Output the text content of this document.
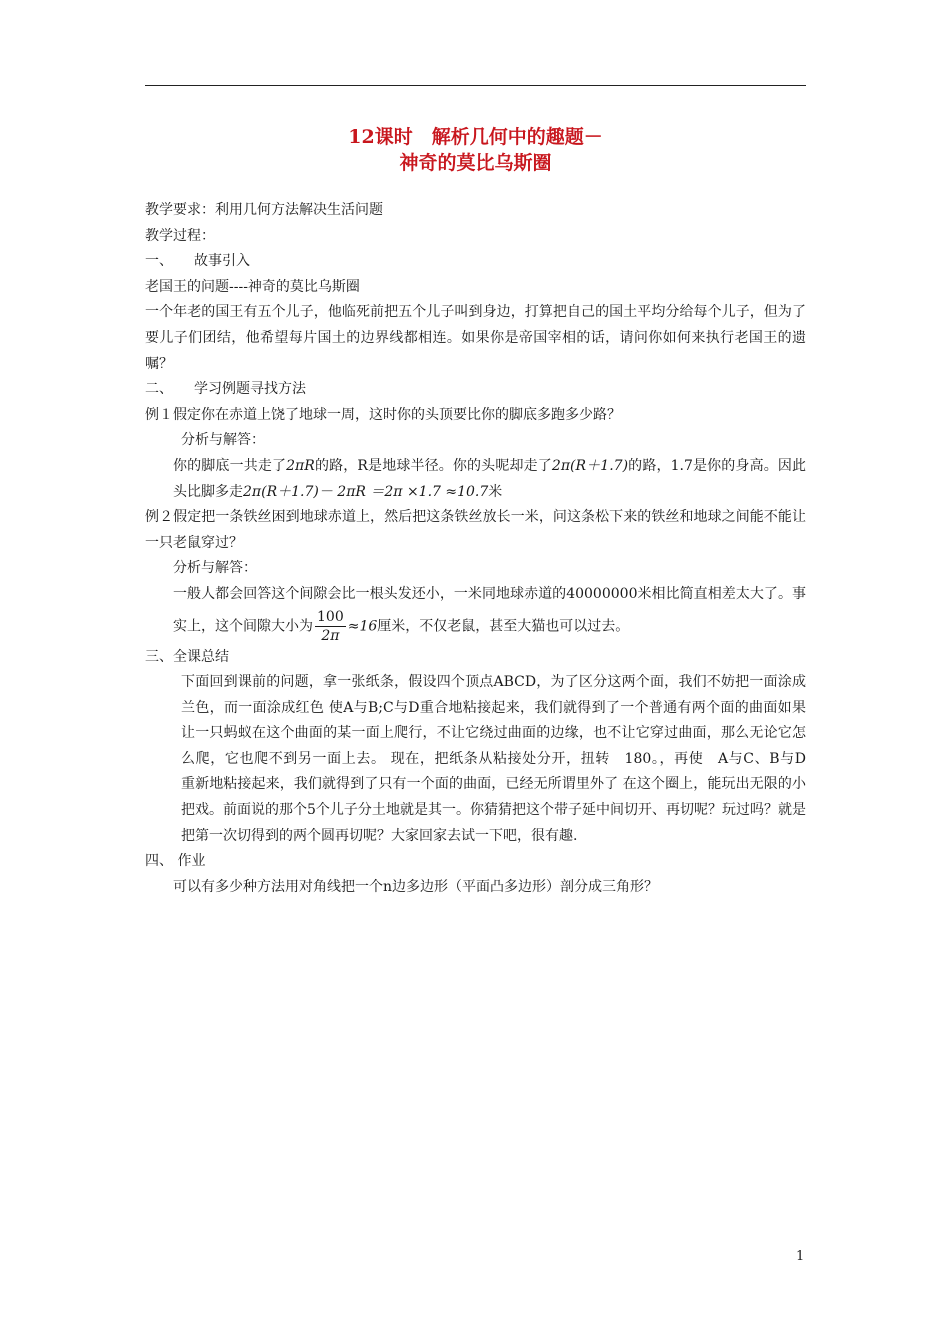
12课时　解析几何中的趣题－
神奇的莫比乌斯圈

教学要求：利用几何方法解决生活问题

教学过程：

一、　　故事引入

老国王的问题----神奇的莫比乌斯圈

一个年老的国王有五个儿子，他临死前把五个儿子叫到身边，打算把自己的国土平均分给每个儿子，但为了要儿子们团结，他希望每片国土的边界线都相连。如果你是帝国宰相的话，请问你如何来执行老国王的遗嘱？

二、　　学习例题寻找方法

例１假定你在赤道上饶了地球一周，这时你的头顶要比你的脚底多跑多少路？

分析与解答：

你的脚底一共走了2πR的路，R是地球半径。你的头呢却走了2π(R＋1.7)的路，1.7是你的身高。因此头比脚多走2π(R＋1.7)－ 2πR ＝2π ×1.7 ≈10.7米

例２假定把一条铁丝困到地球赤道上，然后把这条铁丝放长一米，问这条松下来的铁丝和地球之间能不能让一只老鼠穿过？

分析与解答：

一般人都会回答这个间隙会比一根头发还小，一米同地球赤道的40000000米相比简直相差太大了。事实上，这个间隙大小为 $\frac{100}{2\pi} \approx 16$厘米，不仅老鼠，甚至大猫也可以过去。

三、全课总结

下面回到课前的问题，拿一张纸条，假设四个顶点ABCD，为了区分这两个面，我们不妨把一面涂成兰色，而一面涂成红色 使A与B;C与D重合地粘接起来，我们就得到了一个普通有两个面的曲面如果让一只蚂蚁在这个曲面的某一面上爬行，不让它绕过曲面的边缘，也不让它穿过曲面，那么无论它怎么爬，它也爬不到另一面上去。 现在，把纸条从粘接处分开，扭转　180。，再使　A与C、B与D　重新地粘接起来，我们就得到了只有一个面的曲面，已经无所谓里外了 在这个圈上，能玩出无限的小把戏。前面说的那个5个儿子分土地就是其一。你猜猜把这个带子延中间切开、再切呢？玩过吗？就是把第一次切得到的两个圆再切呢？大家回家去试一下吧，很有趣.

四、 作业

可以有多少种方法用对角线把一个n边多边形（平面凸多边形）剖分成三角形？

1
